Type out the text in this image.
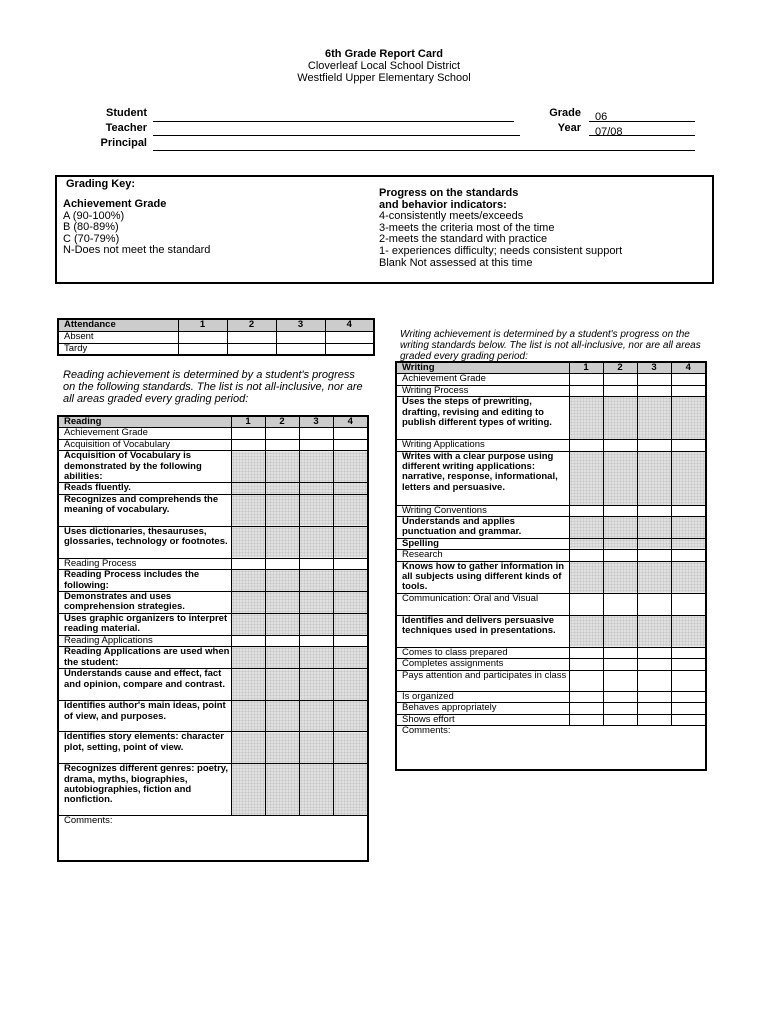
6th Grade Report Card
Cloverleaf Local School District
Westfield Upper Elementary School
Student
Teacher
Principal
Grade	06
Year	07/08
Grading Key:
Achievement Grade
A (90-100%)
B (80-89%)
C (70-79%)
N-Does not meet the standard
Progress on the standards
and behavior indicators:
4-consistently meets/exceeds
3-meets the criteria most of the time
2-meets the standard with practice
1- experiences difficulty; needs consistent support
Blank Not assessed at this time
Attendance	1	2	3	4
Absent				
Tardy				
Reading achievement is determined by a student's progress on the following standards. The list is not all-inclusive, nor are all areas graded every grading period:
Reading	1	2	3	4
Achievement Grade				
Acquisition of Vocabulary				
Acquisition of Vocabulary is demonstrated by the following abilities:				
Reads fluently.				
Recognizes and comprehends the meaning of vocabulary.				
Uses dictionaries, thesauruses, glossaries, technology or footnotes.				
Reading Process				
Reading Process includes the following:				
Demonstrates and uses comprehension strategies.				
Uses graphic organizers to interpret reading material.				
Reading Applications				
Reading Applications are used when the student:				
Understands cause and effect, fact and opinion, compare and contrast.				
Identifies author's main ideas, point of view, and purposes.				
Identifies story elements: character plot, setting, point of view.				
Recognizes different genres: poetry, drama, myths, biographies, autobiographies, fiction and nonfiction.				
Comments:				
Writing achievement is determined by a student's progress on the writing standards below. The list is not all-inclusive, nor are all areas graded every grading period:
Writing	1	2	3	4
Achievement Grade				
Writing Process				
Uses the steps of prewriting, drafting, revising and editing to publish different types of writing.				
Writing Applications				
Writes with a clear purpose using different writing applications: narrative, response, informational, letters and persuasive.				
Writing Conventions				
Understands and applies punctuation and grammar.				
Spelling				
Research				
Knows how to gather information in all subjects using different kinds of tools.				
Communication: Oral and Visual				
Identifies and delivers persuasive techniques used in presentations.				
Comes to class prepared				
Completes assignments				
Pays attention and participates in class				
Is organized				
Behaves appropriately				
Shows effort				
Comments:				
